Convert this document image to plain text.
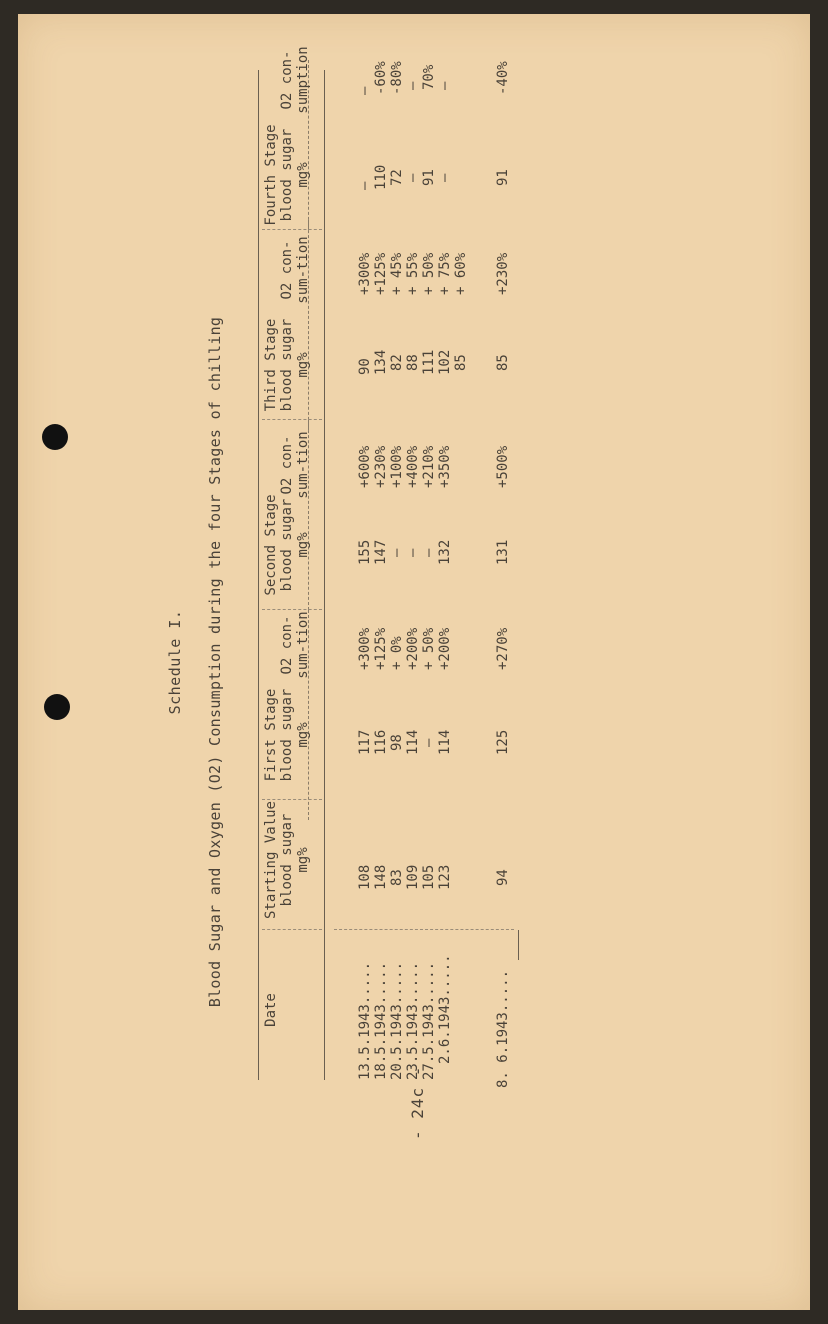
Schedule I. Blood Sugar and Oxygen (O2) Consumption during the four Stages of chilling
Date
Starting Value blood sugar mg%
First Stage blood sugar mg%
O2 con- sum-tion
Second Stage blood sugar mg%
O2 con- sum-tion
Third Stage blood sugar mg%
O2 con- sum-tion
Fourth Stage blood sugar mg%
O2 con- sumption
13.5.1943.....
108
117
+300%
155
+600%
90
+300%
–
–
18.5.1943.....
148
116
+125%
147
+230%
134
+125%
110
-60%
20.5.1943.....
83
98
+ 0%
–
+100%
82
+ 45%
72
-80%
23.5.1943.....
109
114
+200%
–
+400%
88
+ 55%
–
–
27.5.1943.....
105
–
+ 50%
–
+210%
111
+ 50%
91
70%
2.6.1943.....
123
114
+200%
132
+350%
102
+ 75%
–
–
85
+ 60%
8. 6.1943.....
94
125
+270%
131
+500%
85
+230%
91
-40%
- 24c -
